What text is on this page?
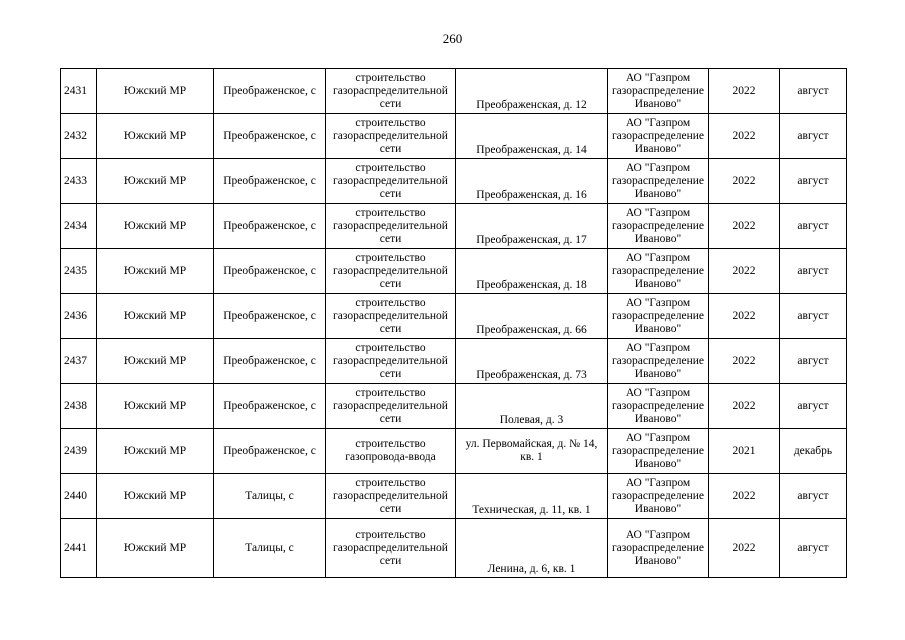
260
2431	Южский МР	Преображенское, с	строительство газораспределительной сети	Преображенская, д. 12	АО "Газпром газораспределение Иваново"	2022	август
2432	Южский МР	Преображенское, с	строительство газораспределительной сети	Преображенская, д. 14	АО "Газпром газораспределение Иваново"	2022	август
2433	Южский МР	Преображенское, с	строительство газораспределительной сети	Преображенская, д. 16	АО "Газпром газораспределение Иваново"	2022	август
2434	Южский МР	Преображенское, с	строительство газораспределительной сети	Преображенская, д. 17	АО "Газпром газораспределение Иваново"	2022	август
2435	Южский МР	Преображенское, с	строительство газораспределительной сети	Преображенская, д. 18	АО "Газпром газораспределение Иваново"	2022	август
2436	Южский МР	Преображенское, с	строительство газораспределительной сети	Преображенская, д. 66	АО "Газпром газораспределение Иваново"	2022	август
2437	Южский МР	Преображенское, с	строительство газораспределительной сети	Преображенская, д. 73	АО "Газпром газораспределение Иваново"	2022	август
2438	Южский МР	Преображенское, с	строительство газораспределительной сети	Полевая, д. 3	АО "Газпром газораспределение Иваново"	2022	август
2439	Южский МР	Преображенское, с	строительство газопровода-ввода	ул. Первомайская, д. № 14, кв. 1	АО "Газпром газораспределение Иваново"	2021	декабрь
2440	Южский МР	Талицы, с	строительство газораспределительной сети	Техническая, д. 11, кв. 1	АО "Газпром газораспределение Иваново"	2022	август
2441	Южский МР	Талицы, с	строительство газораспределительной сети	Ленина, д. 6, кв. 1	АО "Газпром газораспределение Иваново"	2022	август
